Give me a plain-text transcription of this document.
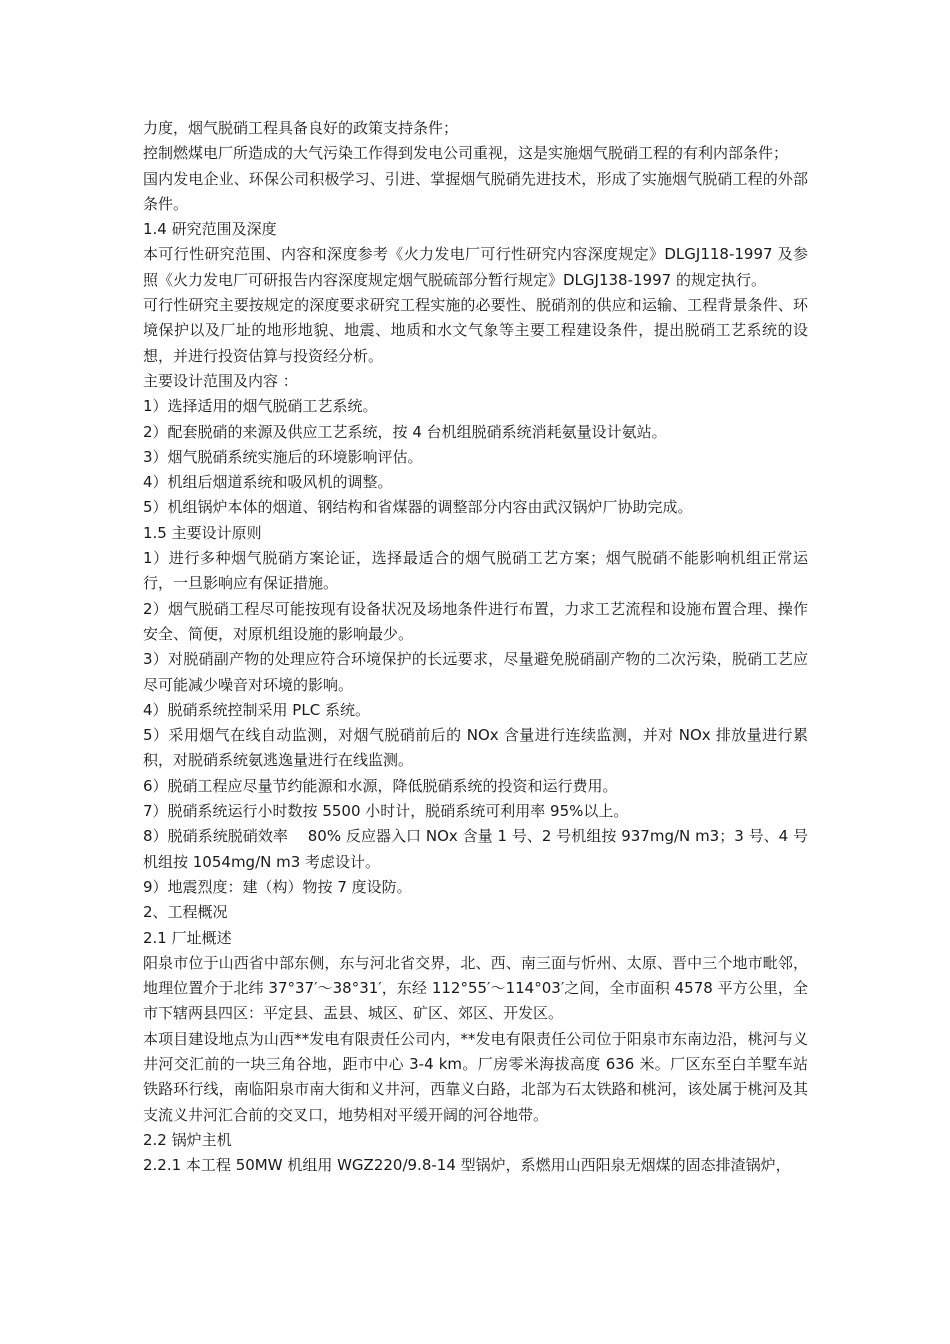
力度，烟气脱硝工程具备良好的政策支持条件；

控制燃煤电厂所造成的大气污染工作得到发电公司重视，这是实施烟气脱硝工程的有利内部条件；

国内发电企业、环保公司积极学习、引进、掌握烟气脱硝先进技术，形成了实施烟气脱硝工程的外部条件。

1.4 研究范围及深度

本可行性研究范围、内容和深度参考《火力发电厂可行性研究内容深度规定》DLGJ118-1997 及参照《火力发电厂可研报告内容深度规定烟气脱硫部分暂行规定》DLGJ138-1997 的规定执行。

可行性研究主要按规定的深度要求研究工程实施的必要性、脱硝剂的供应和运输、工程背景条件、环境保护以及厂址的地形地貌、地震、地质和水文气象等主要工程建设条件，提出脱硝工艺系统的设想，并进行投资估算与投资经分析。

主要设计范围及内容 ：

1）选择适用的烟气脱硝工艺系统。

2）配套脱硝的来源及供应工艺系统，按 4 台机组脱硝系统消耗氨量设计氨站。

3）烟气脱硝系统实施后的环境影响评估。

4）机组后烟道系统和吸风机的调整。

5）机组锅炉本体的烟道、钢结构和省煤器的调整部分内容由武汉锅炉厂协助完成。

1.5 主要设计原则

1）进行多种烟气脱硝方案论证，选择最适合的烟气脱硝工艺方案；烟气脱硝不能影响机组正常运行，一旦影响应有保证措施。

2）烟气脱硝工程尽可能按现有设备状况及场地条件进行布置，力求工艺流程和设施布置合理、操作安全、简便，对原机组设施的影响最少。

3）对脱硝副产物的处理应符合环境保护的长远要求，尽量避免脱硝副产物的二次污染，脱硝工艺应尽可能减少噪音对环境的影响。

4）脱硝系统控制采用 PLC 系统。

5）采用烟气在线自动监测，对烟气脱硝前后的 NOx 含量进行连续监测，并对 NOx 排放量进行累积，对脱硝系统氨逃逸量进行在线监测。

6）脱硝工程应尽量节约能源和水源，降低脱硝系统的投资和运行费用。

7）脱硝系统运行小时数按 5500 小时计，脱硝系统可利用率 95%以上。

8）脱硝系统脱硝效率　 80% 反应器入口 NOx 含量 1 号、2 号机组按 937mg/N m3；3 号、4 号机组按 1054mg/N m3 考虑设计。

9）地震烈度：建（构）物按 7 度设防。

2、工程概况

2.1 厂址概述

阳泉市位于山西省中部东侧，东与河北省交界，北、西、南三面与忻州、太原、晋中三个地市毗邻，地理位置介于北纬 37°37′～38°31′，东经 112°55′～114°03′之间，全市面积 4578 平方公里，全市下辖两县四区：平定县、盂县、城区、矿区、郊区、开发区。

本项目建设地点为山西**发电有限责任公司内，**发电有限责任公司位于阳泉市东南边沿，桃河与义井河交汇前的一块三角谷地，距市中心 3-4 km。厂房零米海拔高度 636 米。厂区东至白羊墅车站铁路环行线，南临阳泉市南大街和义井河，西靠义白路，北部为石太铁路和桃河，该处属于桃河及其支流义井河汇合前的交叉口，地势相对平缓开阔的河谷地带。

2.2 锅炉主机

2.2.1 本工程 50MW 机组用 WGZ220/9.8-14 型锅炉，系燃用山西阳泉无烟煤的固态排渣锅炉，
